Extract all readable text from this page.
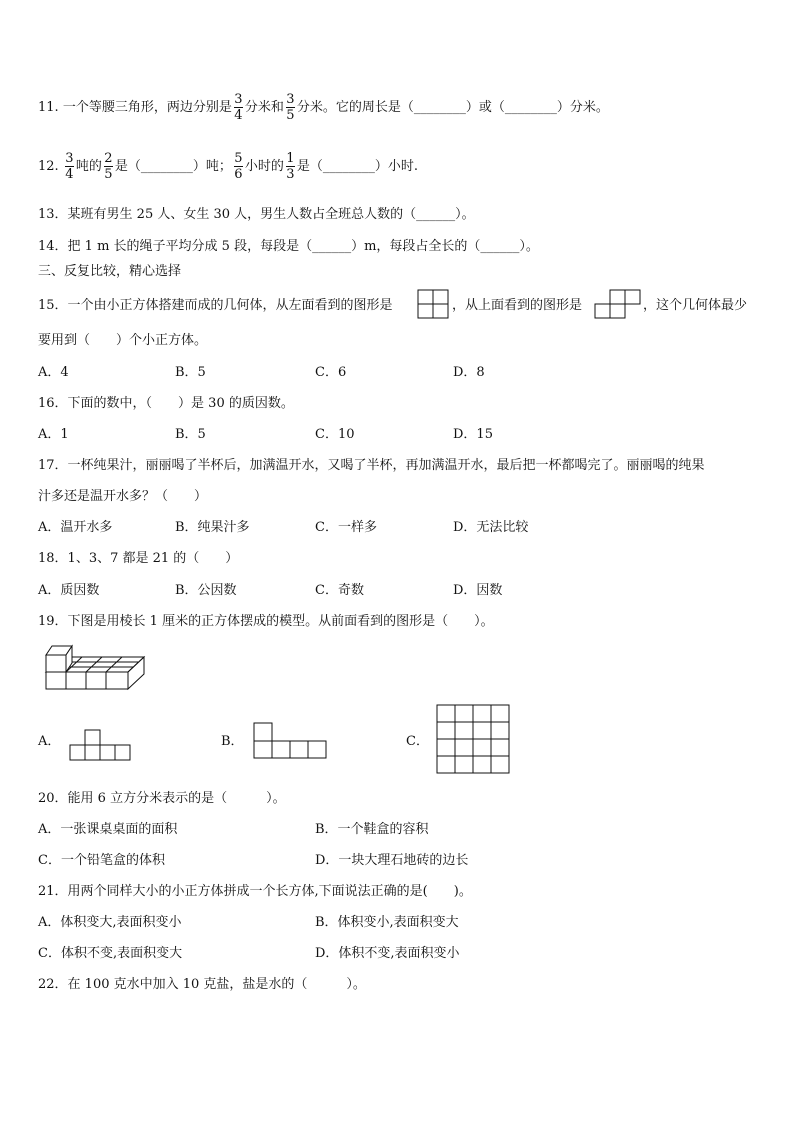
11. 一个等腰三角形，两边分别是 $\frac{3}{4}$ 分米和 $\frac{3}{5}$ 分米。它的周长是（________）或（________）分米。
12. $\frac{3}{4}$ 吨的 $\frac{2}{5}$ 是（________）吨； $\frac{5}{6}$ 小时的 $\frac{1}{3}$ 是（________）小时.
13．某班有男生 25 人、女生 30 人，男生人数占全班总人数的（______）。
14．把 1 m 长的绳子平均分成 5 段，每段是（______）m，每段占全长的（______）。
三、反复比较，精心选择
15．一个由小正方体搭建而成的几何体，从左面看到的图形是	，从上面看到的图形是	，这个几何体最少
要用到（　　）个小正方体。
A．4	B．5	C．6	D．8
16．下面的数中，（　　）是 30 的质因数。
A．1	B．5	C．10	D．15
17．一杯纯果汁，丽丽喝了半杯后，加满温开水，又喝了半杯，再加满温开水，最后把一杯都喝完了。丽丽喝的纯果
汁多还是温开水多？（　　）
A．温开水多	B．纯果汁多	C．一样多	D．无法比较
18．1、3、7 都是 21 的（　　）
A．质因数	B．公因数	C．奇数	D．因数
19．下图是用棱长 1 厘米的正方体摆成的模型。从前面看到的图形是（　　）。
A．	B．	C．
20．能用 6 立方分米表示的是（　　　）。
A．一张课桌桌面的面积	B．一个鞋盒的容积
C．一个铅笔盒的体积	D．一块大理石地砖的边长
21．用两个同样大小的小正方体拼成一个长方体,下面说法正确的是(　　)。
A．体积变大,表面积变小	B．体积变小,表面积变大
C．体积不变,表面积变大	D．体积不变,表面积变小
22．在 100 克水中加入 10 克盐，盐是水的（　　　）。
